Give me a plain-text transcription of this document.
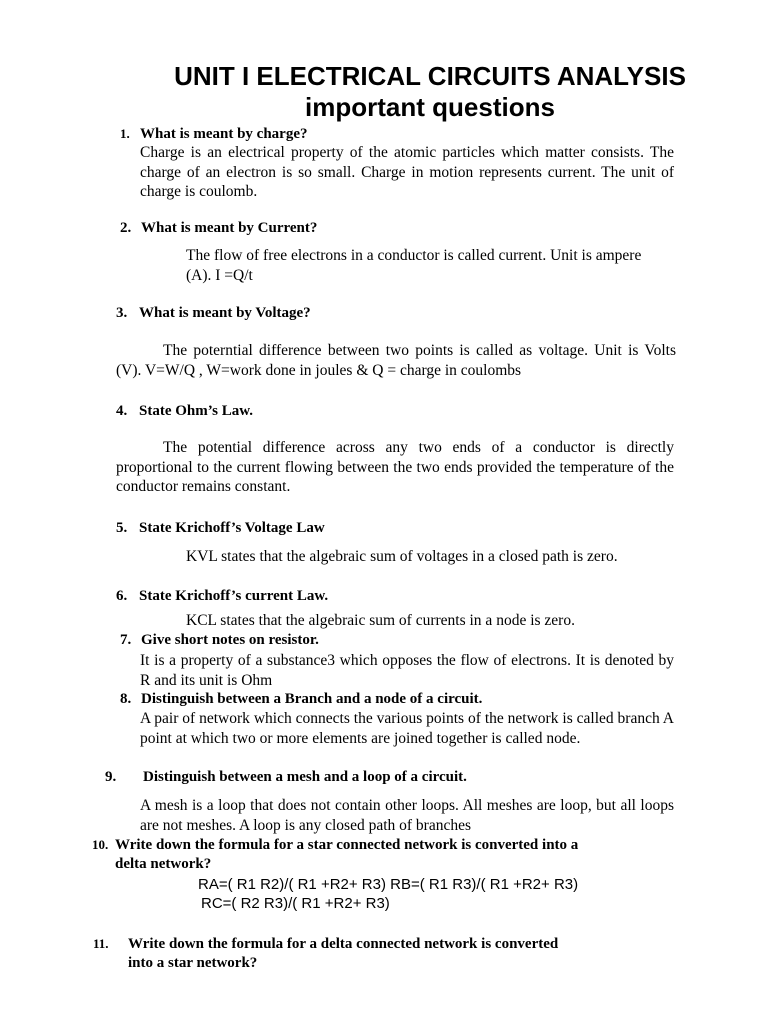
UNIT I ELECTRICAL CIRCUITS ANALYSIS
important questions
1. What is meant by charge?
Charge is an electrical property of the atomic particles which matter consists. The charge of an electron is so small. Charge in motion represents current. The unit of charge is coulomb.
2. What is meant by Current?
The flow of free electrons in a conductor is called current. Unit is ampere (A). I =Q/t
3. What is meant by Voltage?
The poterntial difference between two points is called as voltage. Unit is Volts (V). V=W/Q , W=work done in joules & Q = charge in coulombs
4. State Ohm’s Law.
The potential difference across any two ends of a conductor is directly proportional to the current flowing between the two ends provided the temperature of the conductor remains constant.
5. State Krichoff’s Voltage Law
KVL states that the algebraic sum of voltages in a closed path is zero.
6. State Krichoff’s current Law.
KCL states that the algebraic sum of currents in a node is zero.
7. Give short notes on resistor.
It is a property of a substance3 which opposes the flow of electrons. It is denoted by R and its unit is Ohm
8. Distinguish between a Branch and a node of a circuit.
A pair of network which connects the various points of the network is called branch A point at which two or more elements are joined together is called node.
9. Distinguish between a mesh and a loop of a circuit.
A mesh is a loop that does not contain other loops. All meshes are loop, but all loops are not meshes. A loop is any closed path of branches
10. Write down the formula for a star connected network is converted into a
delta network?
RA=( R1 R2)/( R1 +R2+ R3) RB=( R1 R3)/( R1 +R2+ R3)
RC=( R2 R3)/( R1 +R2+ R3)
11. Write down the formula for a delta connected network is converted
into a star network?
